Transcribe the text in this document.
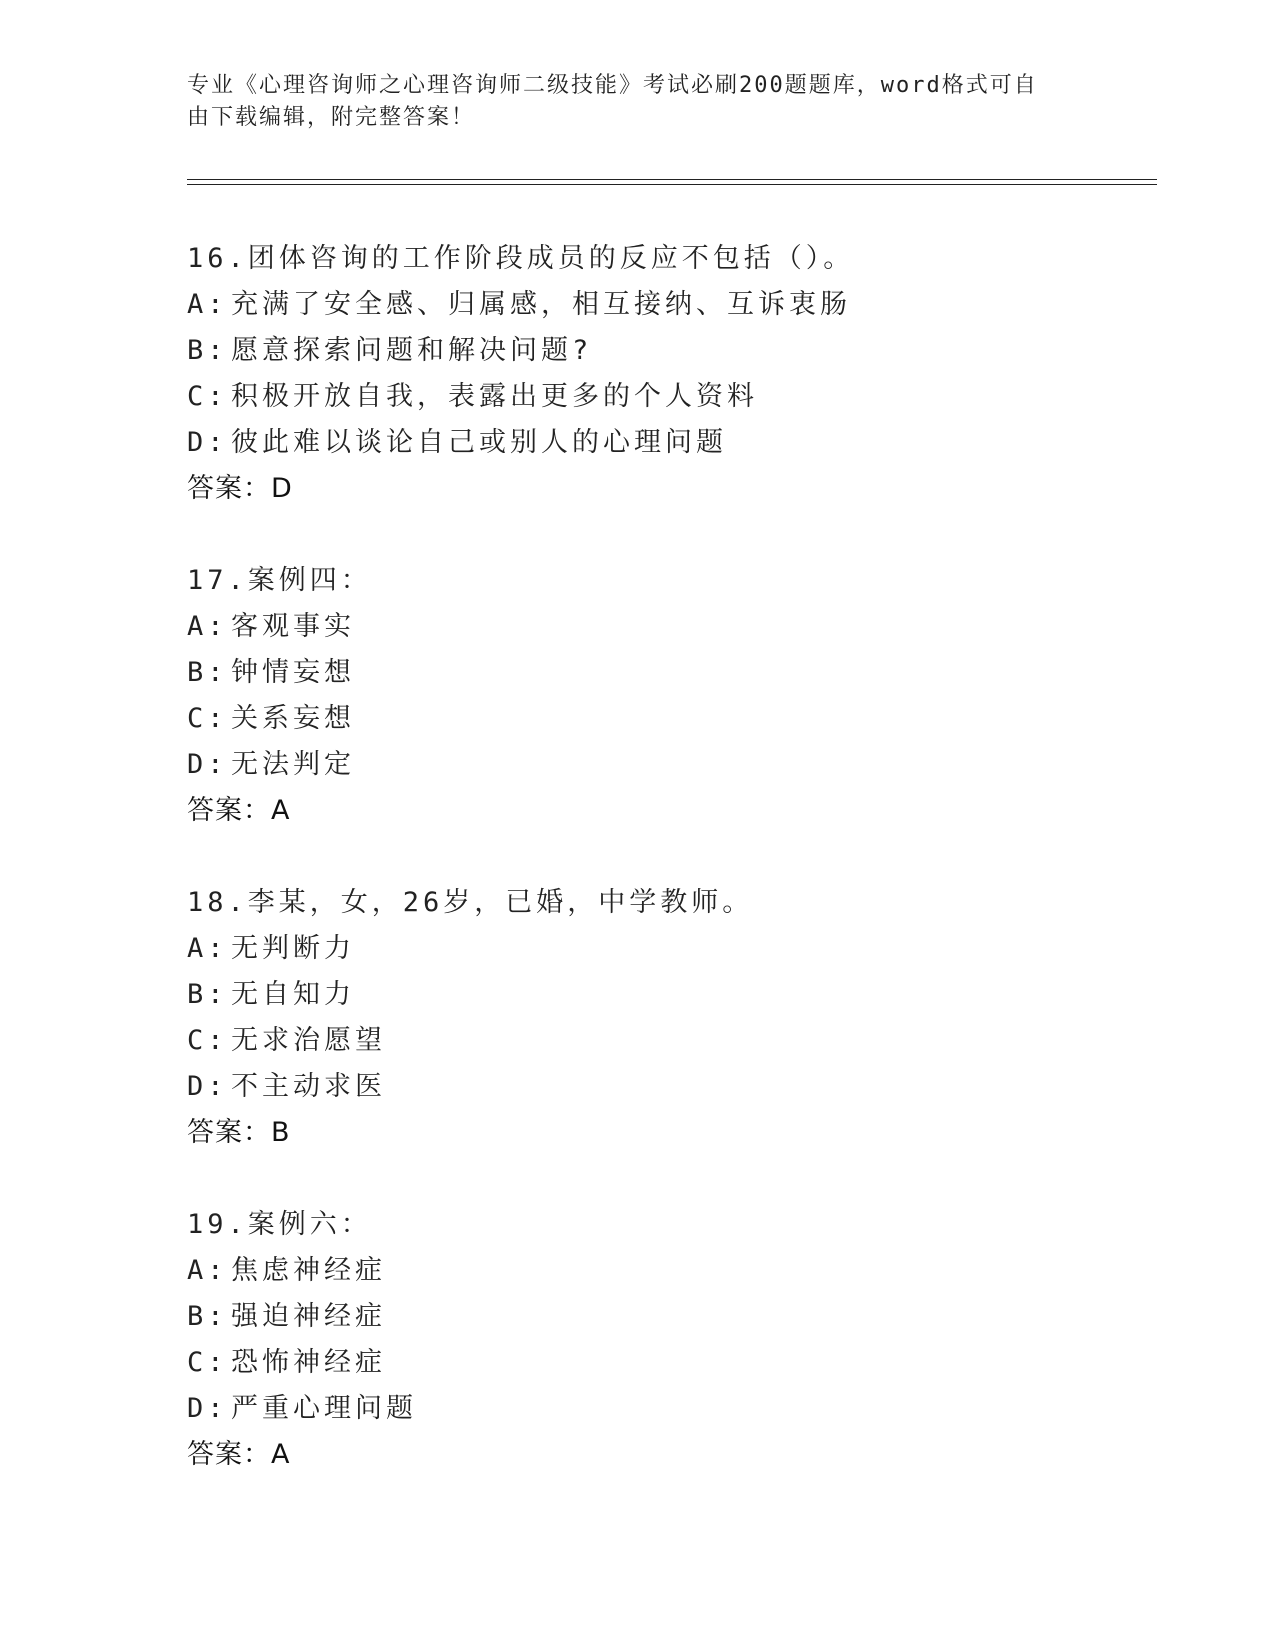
专业《心理咨询师之心理咨询师二级技能》考试必刷200题题库，word格式可自
由下载编辑，附完整答案！
16.团体咨询的工作阶段成员的反应不包括（）。
A: 充满了安全感、归属感，相互接纳、互诉衷肠
B: 愿意探索问题和解决问题?
C: 积极开放自我，表露出更多的个人资料
D: 彼此难以谈论自己或别人的心理问题
答案：D
17.案例四：
A: 客观事实
B: 钟情妄想
C: 关系妄想
D: 无法判定
答案：A
18.李某，女，26岁，已婚，中学教师。
A: 无判断力
B: 无自知力
C: 无求治愿望
D: 不主动求医
答案：B
19.案例六：
A: 焦虑神经症
B: 强迫神经症
C: 恐怖神经症
D: 严重心理问题
答案：A
